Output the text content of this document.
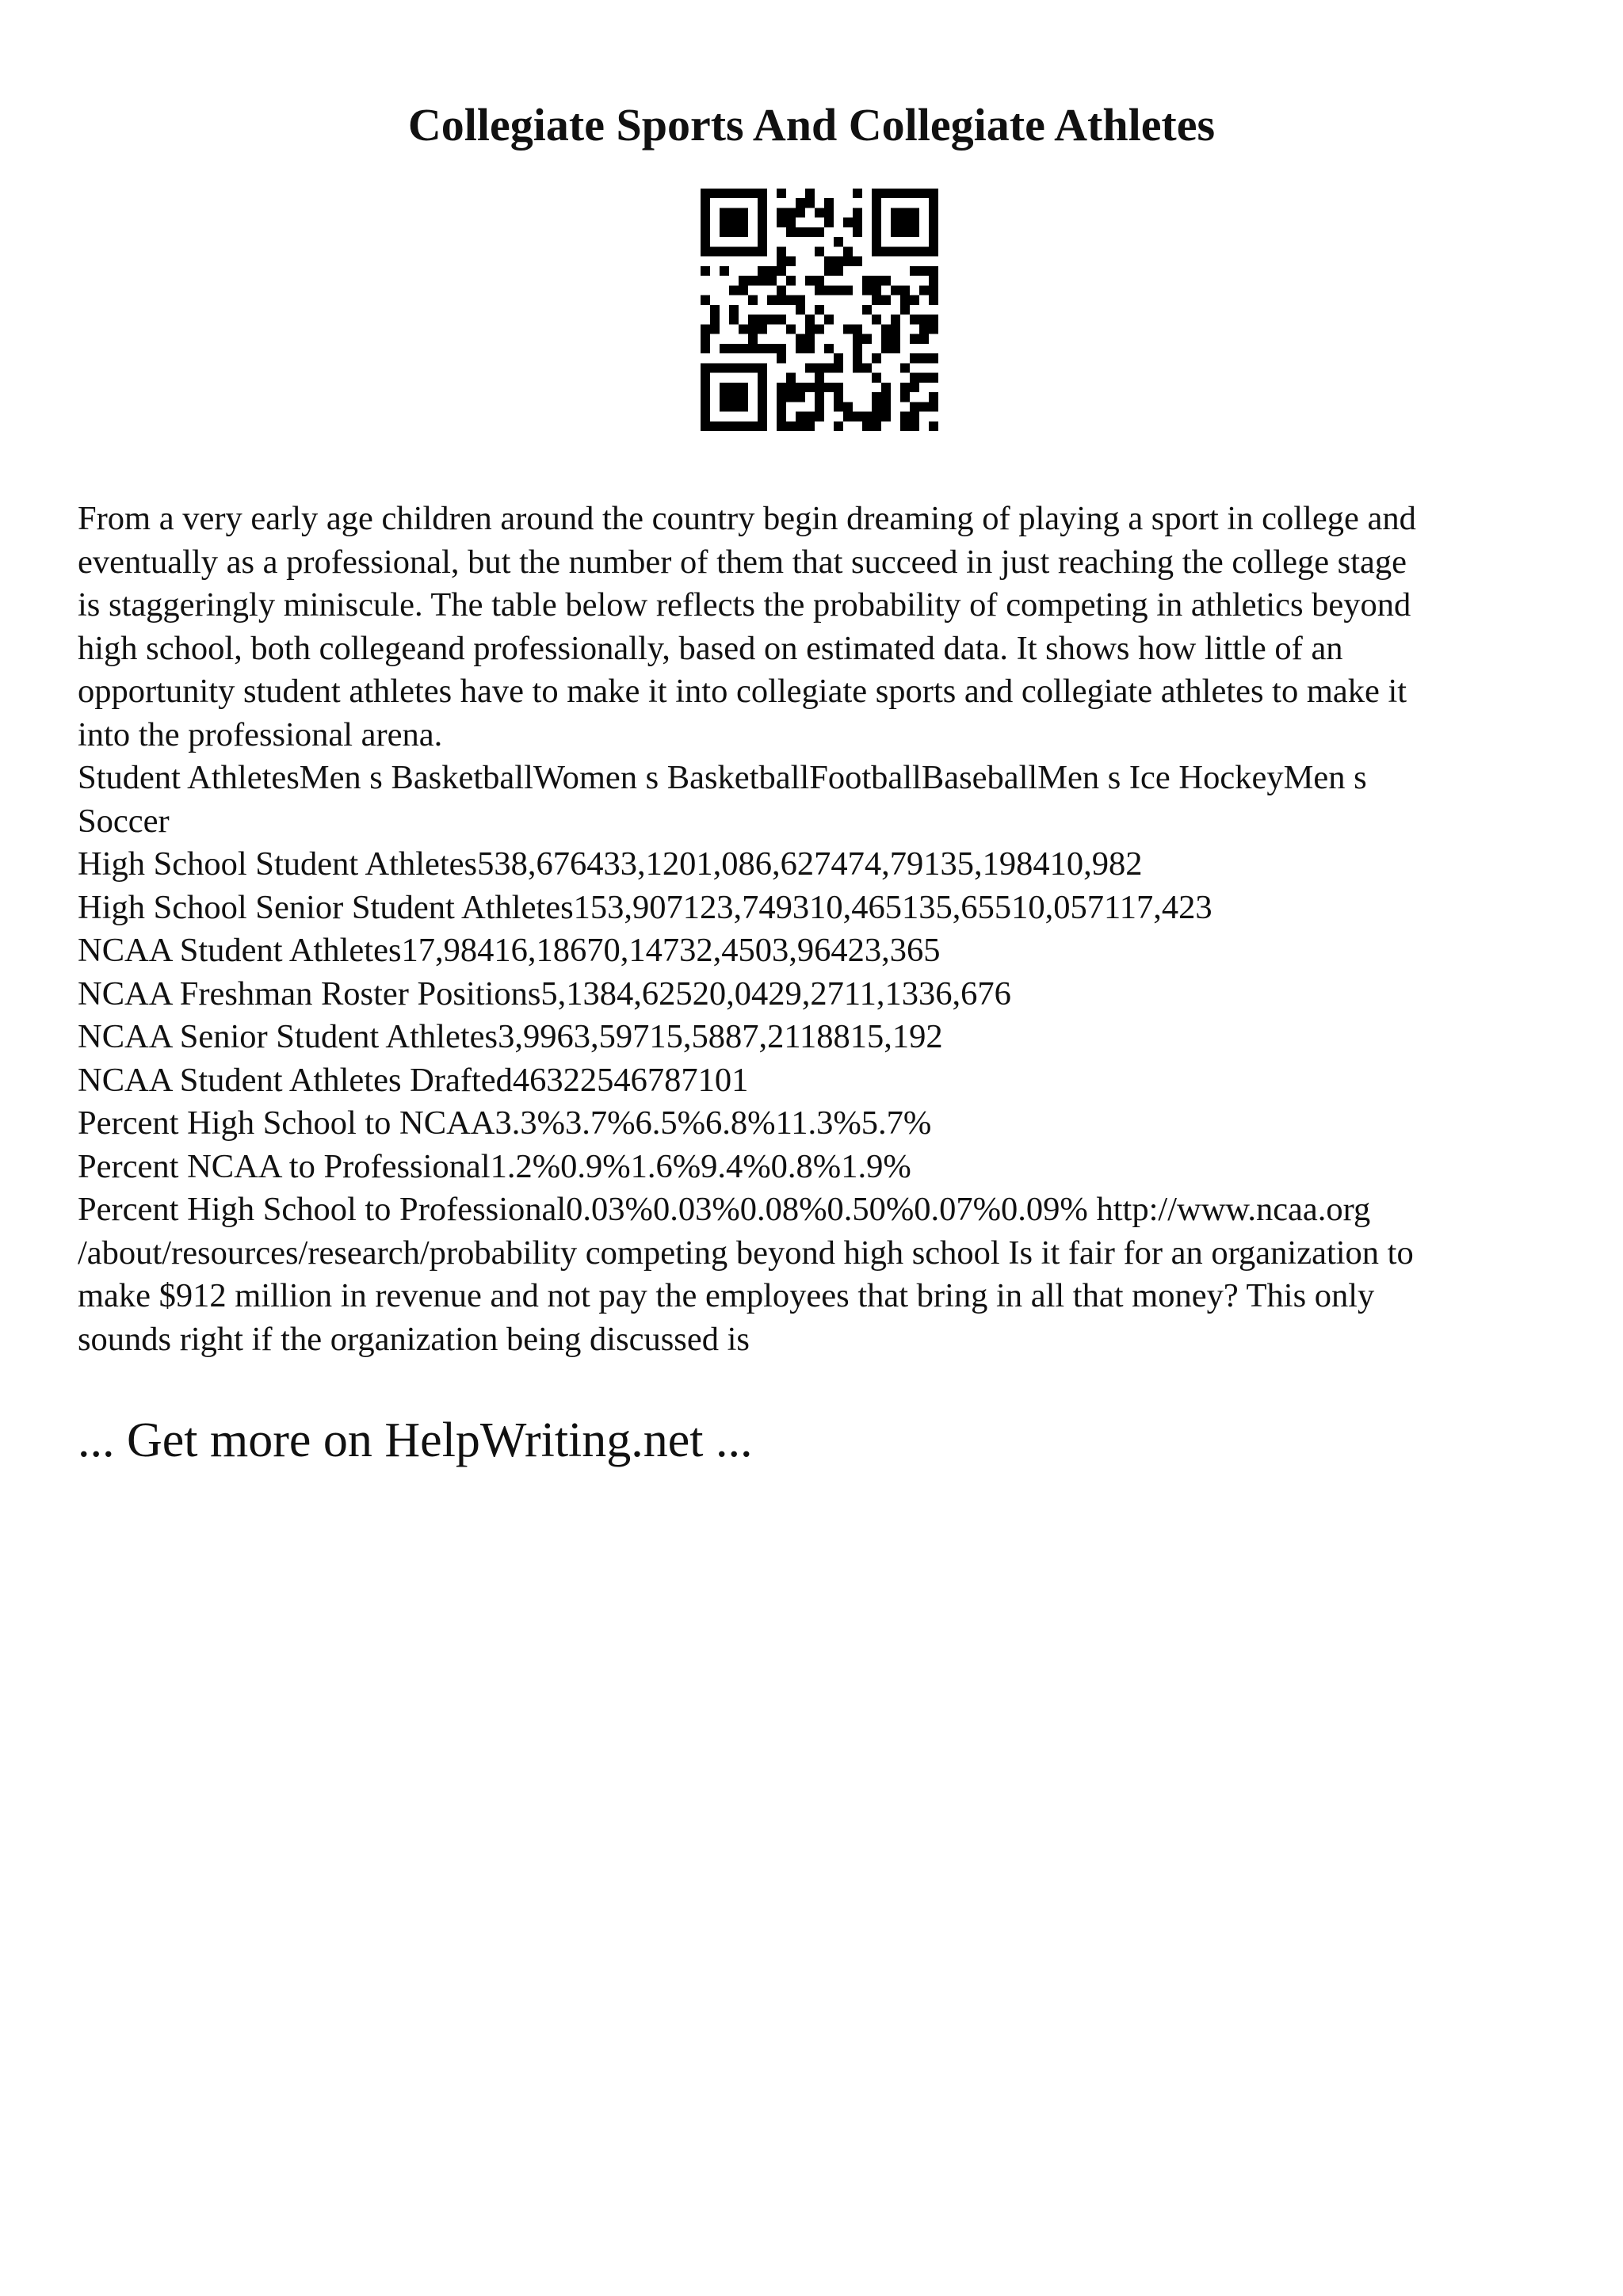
Collegiate Sports And Collegiate Athletes
From a very early age children around the country begin dreaming of playing a sport in college and
eventually as a professional, but the number of them that succeed in just reaching the college stage
is staggeringly miniscule. The table below reflects the probability of competing in athletics beyond
high school, both collegeand professionally, based on estimated data. It shows how little of an
opportunity student athletes have to make it into collegiate sports and collegiate athletes to make it
into the professional arena.
Student AthletesMen s BasketballWomen s BasketballFootballBaseballMen s Ice HockeyMen s
Soccer
High School Student Athletes538,676433,1201,086,627474,79135,198410,982
High School Senior Student Athletes153,907123,749310,465135,65510,057117,423
NCAA Student Athletes17,98416,18670,14732,4503,96423,365
NCAA Freshman Roster Positions5,1384,62520,0429,2711,1336,676
NCAA Senior Student Athletes3,9963,59715,5887,2118815,192
NCAA Student Athletes Drafted46322546787101
Percent High School to NCAA3.3%3.7%6.5%6.8%11.3%5.7%
Percent NCAA to Professional1.2%0.9%1.6%9.4%0.8%1.9%
Percent High School to Professional0.03%0.03%0.08%0.50%0.07%0.09% http://www.ncaa.org
/about/resources/research/probability competing beyond high school Is it fair for an organization to
make $912 million in revenue and not pay the employees that bring in all that money? This only
sounds right if the organization being discussed is

... Get more on HelpWriting.net ...
